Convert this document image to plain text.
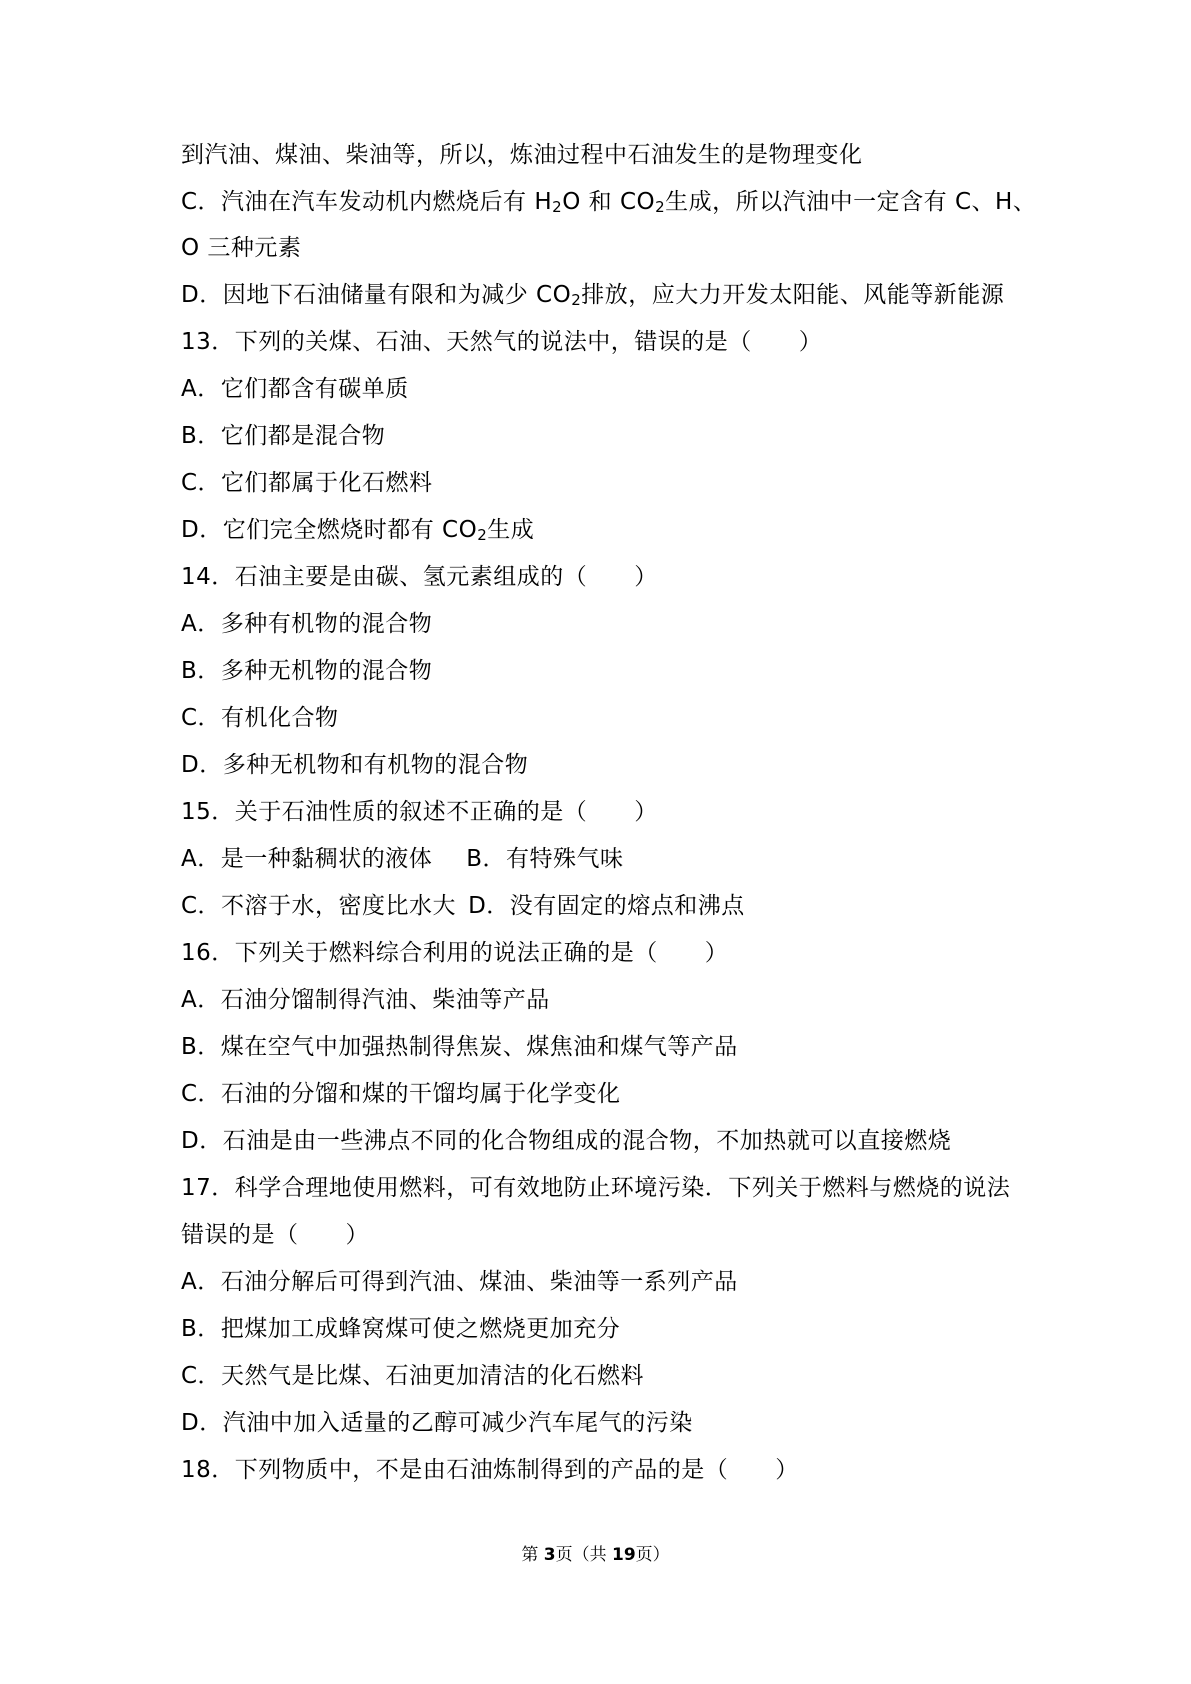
到汽油、煤油、柴油等，所以，炼油过程中石油发生的是物理变化
C．汽油在汽车发动机内燃烧后有 $H_2O$ 和 $CO_2$生成，所以汽油中一定含有 C、H、
O 三种元素
D．因地下石油储量有限和为减少 $CO_2$排放，应大力开发太阳能、风能等新能源
13．下列的关煤、石油、天然气的说法中，错误的是（　　）
A．它们都含有碳单质
B．它们都是混合物
C．它们都属于化石燃料
D．它们完全燃烧时都有 $CO_2$生成
14．石油主要是由碳、氢元素组成的（　　）
A．多种有机物的混合物
B．多种无机物的混合物
C．有机化合物
D．多种无机物和有机物的混合物
15．关于石油性质的叙述不正确的是（　　）
A．是一种黏稠状的液体 B．有特殊气味
C．不溶于水，密度比水大 D．没有固定的熔点和沸点
16．下列关于燃料综合利用的说法正确的是（　　）
A．石油分馏制得汽油、柴油等产品
B．煤在空气中加强热制得焦炭、煤焦油和煤气等产品
C．石油的分馏和煤的干馏均属于化学变化
D．石油是由一些沸点不同的化合物组成的混合物，不加热就可以直接燃烧
17．科学合理地使用燃料，可有效地防止环境污染．下列关于燃料与燃烧的说法
错误的是（　　）
A．石油分解后可得到汽油、煤油、柴油等一系列产品
B．把煤加工成蜂窝煤可使之燃烧更加充分
C．天然气是比煤、石油更加清洁的化石燃料
D．汽油中加入适量的乙醇可减少汽车尾气的污染
18．下列物质中，不是由石油炼制得到的产品的是（　　）
第 3页（共 19页）
